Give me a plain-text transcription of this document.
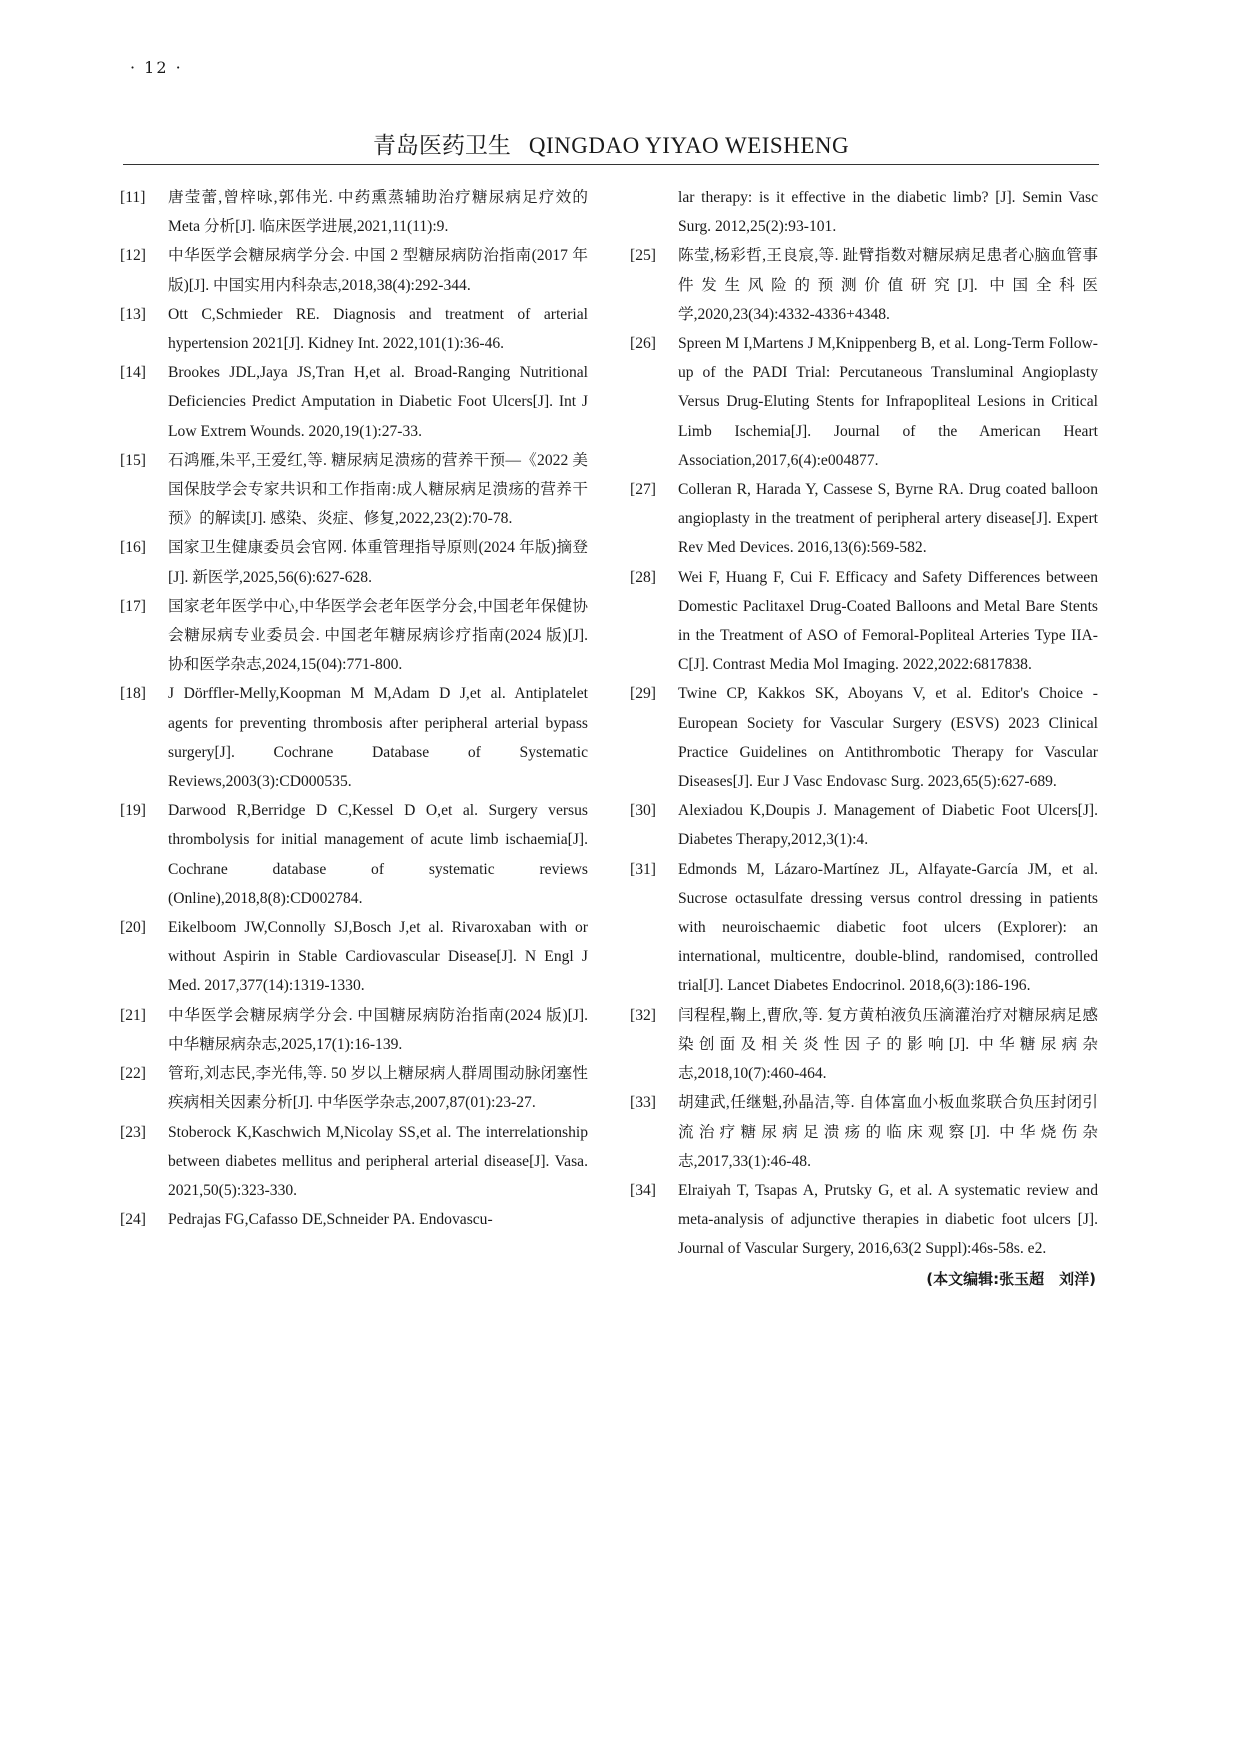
· 12 ·
青岛医药卫生 QINGDAO YIYAO WEISHENG

[11] 唐莹蕾,曾梓咏,郭伟光. 中药熏蒸辅助治疗糖尿病足疗效的 Meta 分析[J]. 临床医学进展,2021,11(11):9.

[12] 中华医学会糖尿病学分会. 中国 2 型糖尿病防治指南(2017 年版)[J]. 中国实用内科杂志,2018,38(4):292-344.

[13] Ott C,Schmieder RE. Diagnosis and treatment of arterial hypertension 2021[J]. Kidney Int. 2022,101(1):36-46.

[14] Brookes JDL,Jaya JS,Tran H,et al. Broad-Ranging Nutritional Deficiencies Predict Amputation in Diabetic Foot Ulcers[J]. Int J Low Extrem Wounds. 2020,19(1):27-33.

[15] 石鸿雁,朱平,王爱红,等. 糖尿病足溃疡的营养干预—《2022 美国保肢学会专家共识和工作指南:成人糖尿病足溃疡的营养干预》的解读[J]. 感染、炎症、修复,2022,23(2):70-78.

[16] 国家卫生健康委员会官网. 体重管理指导原则(2024 年版)摘登[J]. 新医学,2025,56(6):627-628.

[17] 国家老年医学中心,中华医学会老年医学分会,中国老年保健协会糖尿病专业委员会. 中国老年糖尿病诊疗指南(2024 版)[J]. 协和医学杂志,2024,15(04):771-800.

[18] J Dörffler-Melly,Koopman M M,Adam D J,et al. Antiplatelet agents for preventing thrombosis after peripheral arterial bypass surgery[J]. Cochrane Database of Systematic Reviews,2003(3):CD000535.

[19] Darwood R,Berridge D C,Kessel D O,et al. Surgery versus thrombolysis for initial management of acute limb ischaemia[J]. Cochrane database of systematic reviews (Online),2018,8(8):CD002784.

[20] Eikelboom JW,Connolly SJ,Bosch J,et al. Rivaroxaban with or without Aspirin in Stable Cardiovascular Disease[J]. N Engl J Med. 2017,377(14):1319-1330.

[21] 中华医学会糖尿病学分会. 中国糖尿病防治指南(2024 版)[J]. 中华糖尿病杂志,2025,17(1):16-139.

[22] 管珩,刘志民,李光伟,等. 50 岁以上糖尿病人群周围动脉闭塞性疾病相关因素分析[J]. 中华医学杂志,2007,87(01):23-27.

[23] Stoberock K,Kaschwich M,Nicolay SS,et al. The interrelationship between diabetes mellitus and peripheral arterial disease[J]. Vasa. 2021,50(5):323-330.

[24] Pedrajas FG,Cafasso DE,Schneider PA. Endovascu-

lar therapy: is it effective in the diabetic limb? [J]. Semin Vasc Surg. 2012,25(2):93-101.

[25] 陈莹,杨彩哲,王良宸,等. 趾臂指数对糖尿病足患者心脑血管事件发生风险的预测价值研究[J]. 中国全科医学,2020,23(34):4332-4336+4348.

[26] Spreen M I,Martens J M,Knippenberg B, et al. Long-Term Follow-up of the PADI Trial: Percutaneous Transluminal Angioplasty Versus Drug-Eluting Stents for Infrapopliteal Lesions in Critical Limb Ischemia[J]. Journal of the American Heart Association,2017,6(4):e004877.

[27] Colleran R, Harada Y, Cassese S, Byrne RA. Drug coated balloon angioplasty in the treatment of peripheral artery disease[J]. Expert Rev Med Devices. 2016,13(6):569-582.

[28] Wei F, Huang F, Cui F. Efficacy and Safety Differences between Domestic Paclitaxel Drug-Coated Balloons and Metal Bare Stents in the Treatment of ASO of Femoral-Popliteal Arteries Type IIA-C[J]. Contrast Media Mol Imaging. 2022,2022:6817838.

[29] Twine CP, Kakkos SK, Aboyans V, et al. Editor's Choice - European Society for Vascular Surgery (ESVS) 2023 Clinical Practice Guidelines on Antithrombotic Therapy for Vascular Diseases[J]. Eur J Vasc Endovasc Surg. 2023,65(5):627-689.

[30] Alexiadou K,Doupis J. Management of Diabetic Foot Ulcers[J]. Diabetes Therapy,2012,3(1):4.

[31] Edmonds M, Lázaro-Martínez JL, Alfayate-García JM, et al. Sucrose octasulfate dressing versus control dressing in patients with neuroischaemic diabetic foot ulcers (Explorer): an international, multicentre, double-blind, randomised, controlled trial[J]. Lancet Diabetes Endocrinol. 2018,6(3):186-196.

[32] 闫程程,鞠上,曹欣,等. 复方黄柏液负压滴灌治疗对糖尿病足感染创面及相关炎性因子的影响[J]. 中华糖尿病杂志,2018,10(7):460-464.

[33] 胡建武,任继魁,孙晶洁,等. 自体富血小板血浆联合负压封闭引流治疗糖尿病足溃疡的临床观察[J]. 中华烧伤杂志,2017,33(1):46-48.

[34] Elraiyah T, Tsapas A, Prutsky G, et al. A systematic review and meta-analysis of adjunctive therapies in diabetic foot ulcers [J]. Journal of Vascular Surgery, 2016,63(2 Suppl):46s-58s. e2.

(本文编辑:张玉超　刘洋)
